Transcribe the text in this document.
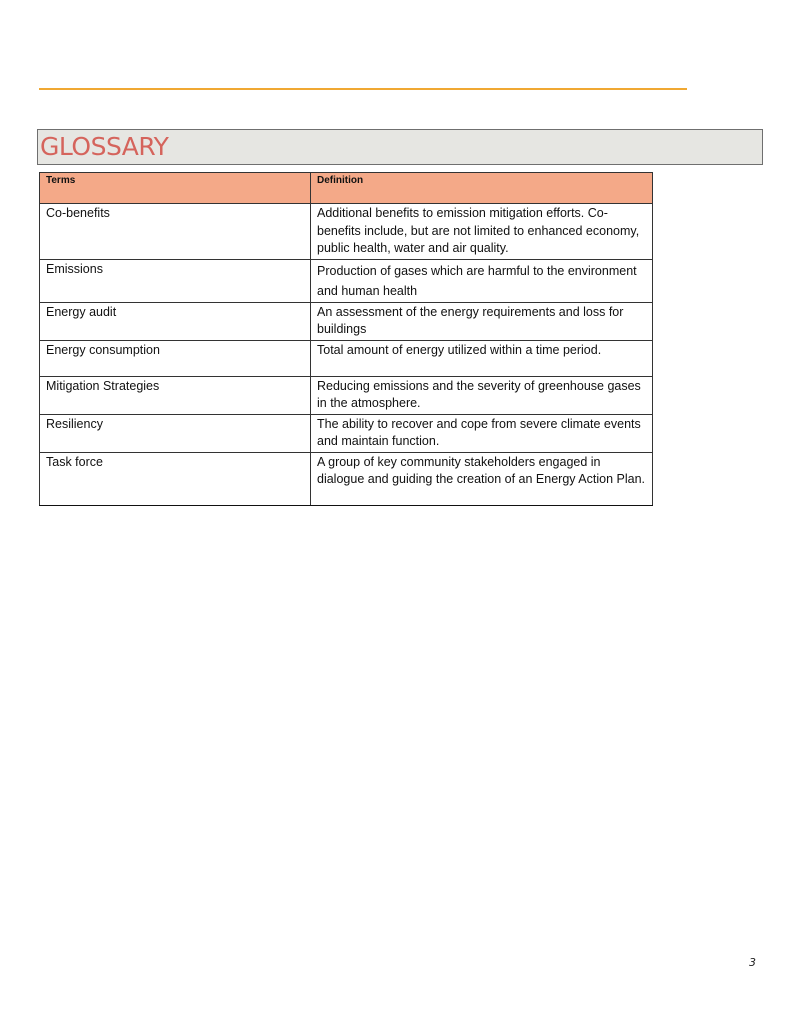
GLOSSARY
Terms	Definition
Co-benefits	Additional benefits to emission mitigation efforts. Co-benefits include, but are not limited to enhanced economy, public health, water and air quality.
Emissions	Production of gases which are harmful to the environment and human health
Energy audit	An assessment of the energy requirements and loss for buildings
Energy consumption	Total amount of energy utilized within a time period.
Mitigation Strategies	Reducing emissions and the severity of greenhouse gases in the atmosphere.
Resiliency	The ability to recover and cope from severe climate events and maintain function.
Task force	A group of key community stakeholders engaged in dialogue and guiding the creation of an Energy Action Plan.
3
